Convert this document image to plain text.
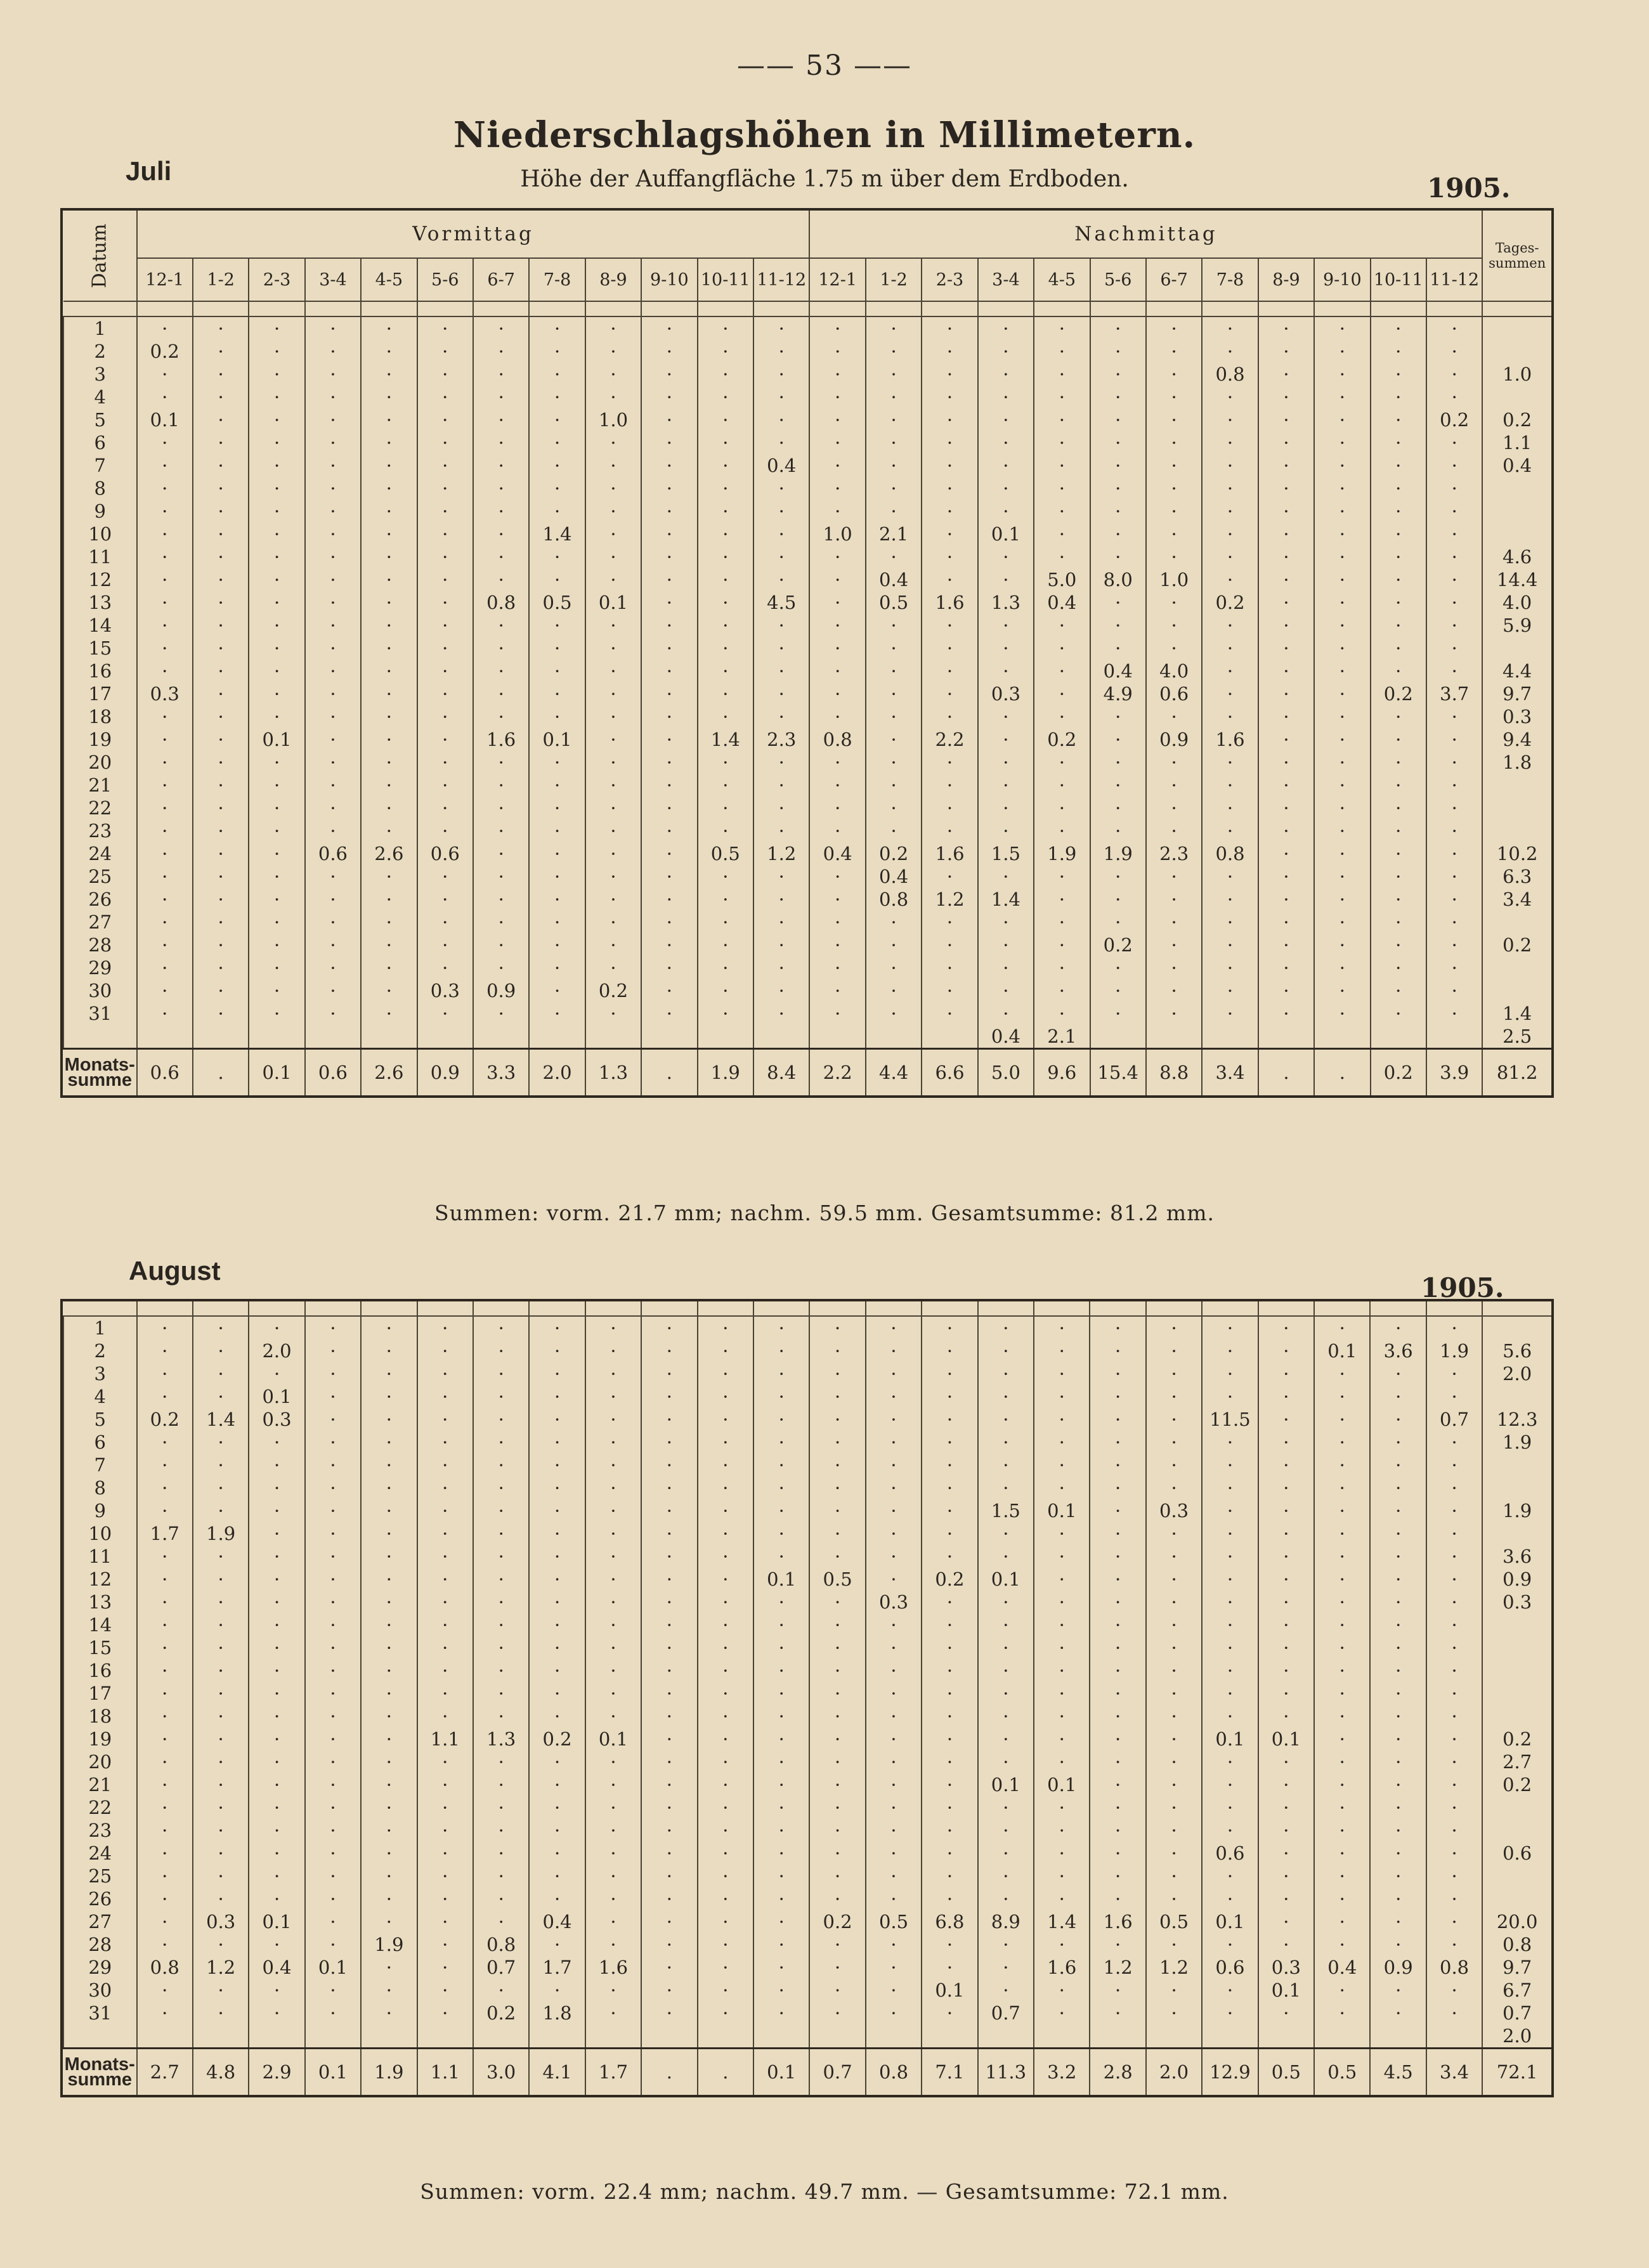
—— 53 ——
Niederschlagshöhen in Millimetern.
Höhe der Auffangfläche 1.75 m über dem Erdboden.
Juli
1905.
Datum	Vormittag												Nachmittag												Tages-
summen

	12-1	1-2	2-3	3-4	4-5	5-6	6-7	7-8	8-9	9-10	10-11	11-12	12-1	1-2	2-3	3-4	4-5	5-6	6-7	7-8	8-9	9-10	10-11	11-12	

1	·	·	·	·	·	·	·	·	·	·	·	·	·	·	·	·	·	·	·	·	·	·	·	·	
2	0.2	·	·	·	·	·	·	·	·	·	·	·	·	·	·	·	·	·	·	·	·	·	·	·	
3	·	·	·	·	·	·	·	·	·	·	·	·	·	·	·	·	·	·	·	0.8	·	·	·	·	1.0
4	·	·	·	·	·	·	·	·	·	·	·	·	·	·	·	·	·	·	·	·	·	·	·	·	
5	0.1	·	·	·	·	·	·	·	1.0	·	·	·	·	·	·	·	·	·	·	·	·	·	·	0.2	0.2
6	·	·	·	·	·	·	·	·	·	·	·	·	·	·	·	·	·	·	·	·	·	·	·	·	1.1
7	·	·	·	·	·	·	·	·	·	·	·	0.4	·	·	·	·	·	·	·	·	·	·	·	·	0.4
8	·	·	·	·	·	·	·	·	·	·	·	·	·	·	·	·	·	·	·	·	·	·	·	·	
9	·	·	·	·	·	·	·	·	·	·	·	·	·	·	·	·	·	·	·	·	·	·	·	·	
10	·	·	·	·	·	·	·	1.4	·	·	·	·	1.0	2.1	·	0.1	·	·	·	·	·	·	·	·	
11	·	·	·	·	·	·	·	·	·	·	·	·	·	·	·	·	·	·	·	·	·	·	·	·	4.6
12	·	·	·	·	·	·	·	·	·	·	·	·	·	0.4	·	·	5.0	8.0	1.0	·	·	·	·	·	14.4
13	·	·	·	·	·	·	0.8	0.5	0.1	·	·	4.5	·	0.5	1.6	1.3	0.4	·	·	0.2	·	·	·	·	4.0
14	·	·	·	·	·	·	·	·	·	·	·	·	·	·	·	·	·	·	·	·	·	·	·	·	5.9
15	·	·	·	·	·	·	·	·	·	·	·	·	·	·	·	·	·	·	·	·	·	·	·	·	
16	·	·	·	·	·	·	·	·	·	·	·	·	·	·	·	·	·	0.4	4.0	·	·	·	·	·	4.4
17	0.3	·	·	·	·	·	·	·	·	·	·	·	·	·	·	0.3	·	4.9	0.6	·	·	·	0.2	3.7	9.7
18	·	·	·	·	·	·	·	·	·	·	·	·	·	·	·	·	·	·	·	·	·	·	·	·	0.3
19	·	·	0.1	·	·	·	1.6	0.1	·	·	1.4	2.3	0.8	·	2.2	·	0.2	·	0.9	1.6	·	·	·	·	9.4
20	·	·	·	·	·	·	·	·	·	·	·	·	·	·	·	·	·	·	·	·	·	·	·	·	1.8
21	·	·	·	·	·	·	·	·	·	·	·	·	·	·	·	·	·	·	·	·	·	·	·	·	
22	·	·	·	·	·	·	·	·	·	·	·	·	·	·	·	·	·	·	·	·	·	·	·	·	
23	·	·	·	·	·	·	·	·	·	·	·	·	·	·	·	·	·	·	·	·	·	·	·	·	
24	·	·	·	0.6	2.6	0.6	·	·	·	·	0.5	1.2	0.4	0.2	1.6	1.5	1.9	1.9	2.3	0.8	·	·	·	·	10.2
25	·	·	·	·	·	·	·	·	·	·	·	·	·	0.4	·	·	·	·	·	·	·	·	·	·	6.3
26	·	·	·	·	·	·	·	·	·	·	·	·	·	0.8	1.2	1.4	·	·	·	·	·	·	·	·	3.4
27	·	·	·	·	·	·	·	·	·	·	·	·	·	·	·	·	·	·	·	·	·	·	·	·	
28	·	·	·	·	·	·	·	·	·	·	·	·	·	·	·	·	·	0.2	·	·	·	·	·	·	0.2
29	·	·	·	·	·	·	·	·	·	·	·	·	·	·	·	·	·	·	·	·	·	·	·	·	
30	·	·	·	·	·	0.3	0.9	·	0.2	·	·	·	·	·	·	·	·	·	·	·	·	·	·	·	
31	·	·	·	·	·	·	·	·	·	·	·	·	·	·	·	·	·	·	·	·	·	·	·	·	1.4
																0.4	2.1								2.5

Monats-
summe	0.6	.	0.1	0.6	2.6	0.9	3.3	2.0	1.3	.	1.9	8.4	2.2	4.4	6.6	5.0	9.6	15.4	8.8	3.4	.	.	0.2	3.9	81.2
Summen: vorm. 21.7 mm; nachm. 59.5 mm. Gesamtsumme: 81.2 mm.
August
1905.

1	·	·	·	·	·	·	·	·	·	·	·	·	·	·	·	·	·	·	·	·	·	·	·	·	
2	·	·	2.0	·	·	·	·	·	·	·	·	·	·	·	·	·	·	·	·	·	·	0.1	3.6	1.9	5.6
3	·	·	·	·	·	·	·	·	·	·	·	·	·	·	·	·	·	·	·	·	·	·	·	·	2.0
4	·	·	0.1	·	·	·	·	·	·	·	·	·	·	·	·	·	·	·	·	·	·	·	·	·	
5	0.2	1.4	0.3	·	·	·	·	·	·	·	·	·	·	·	·	·	·	·	·	11.5	·	·	·	0.7	12.3
6	·	·	·	·	·	·	·	·	·	·	·	·	·	·	·	·	·	·	·	·	·	·	·	·	1.9
7	·	·	·	·	·	·	·	·	·	·	·	·	·	·	·	·	·	·	·	·	·	·	·	·	
8	·	·	·	·	·	·	·	·	·	·	·	·	·	·	·	·	·	·	·	·	·	·	·	·	
9	·	·	·	·	·	·	·	·	·	·	·	·	·	·	·	1.5	0.1	·	0.3	·	·	·	·	·	1.9
10	1.7	1.9	·	·	·	·	·	·	·	·	·	·	·	·	·	·	·	·	·	·	·	·	·	·	
11	·	·	·	·	·	·	·	·	·	·	·	·	·	·	·	·	·	·	·	·	·	·	·	·	3.6
12	·	·	·	·	·	·	·	·	·	·	·	0.1	0.5	·	0.2	0.1	·	·	·	·	·	·	·	·	0.9
13	·	·	·	·	·	·	·	·	·	·	·	·	·	0.3	·	·	·	·	·	·	·	·	·	·	0.3
14	·	·	·	·	·	·	·	·	·	·	·	·	·	·	·	·	·	·	·	·	·	·	·	·	
15	·	·	·	·	·	·	·	·	·	·	·	·	·	·	·	·	·	·	·	·	·	·	·	·	
16	·	·	·	·	·	·	·	·	·	·	·	·	·	·	·	·	·	·	·	·	·	·	·	·	
17	·	·	·	·	·	·	·	·	·	·	·	·	·	·	·	·	·	·	·	·	·	·	·	·	
18	·	·	·	·	·	·	·	·	·	·	·	·	·	·	·	·	·	·	·	·	·	·	·	·	
19	·	·	·	·	·	1.1	1.3	0.2	0.1	·	·	·	·	·	·	·	·	·	·	0.1	0.1	·	·	·	0.2
20	·	·	·	·	·	·	·	·	·	·	·	·	·	·	·	·	·	·	·	·	·	·	·	·	2.7
21	·	·	·	·	·	·	·	·	·	·	·	·	·	·	·	0.1	0.1	·	·	·	·	·	·	·	0.2
22	·	·	·	·	·	·	·	·	·	·	·	·	·	·	·	·	·	·	·	·	·	·	·	·	
23	·	·	·	·	·	·	·	·	·	·	·	·	·	·	·	·	·	·	·	·	·	·	·	·	
24	·	·	·	·	·	·	·	·	·	·	·	·	·	·	·	·	·	·	·	0.6	·	·	·	·	0.6
25	·	·	·	·	·	·	·	·	·	·	·	·	·	·	·	·	·	·	·	·	·	·	·	·	
26	·	·	·	·	·	·	·	·	·	·	·	·	·	·	·	·	·	·	·	·	·	·	·	·	
27	·	0.3	0.1	·	·	·	·	0.4	·	·	·	·	0.2	0.5	6.8	8.9	1.4	1.6	0.5	0.1	·	·	·	·	20.0
28	·	·	·	·	1.9	·	0.8	·	·	·	·	·	·	·	·	·	·	·	·	·	·	·	·	·	0.8
29	0.8	1.2	0.4	0.1	·	·	0.7	1.7	1.6	·	·	·	·	·	·	·	1.6	1.2	1.2	0.6	0.3	0.4	0.9	0.8	9.7
30	·	·	·	·	·	·	·	·	·	·	·	·	·	·	0.1	·	·	·	·	·	0.1	·	·	·	6.7
31	·	·	·	·	·	·	0.2	1.8	·	·	·	·	·	·	·	0.7	·	·	·	·	·	·	·	·	0.7
																									2.0

Monats-
summe	2.7	4.8	2.9	0.1	1.9	1.1	3.0	4.1	1.7	.	.	0.1	0.7	0.8	7.1	11.3	3.2	2.8	2.0	12.9	0.5	0.5	4.5	3.4	72.1
Summen: vorm. 22.4 mm; nachm. 49.7 mm. — Gesamtsumme: 72.1 mm.
